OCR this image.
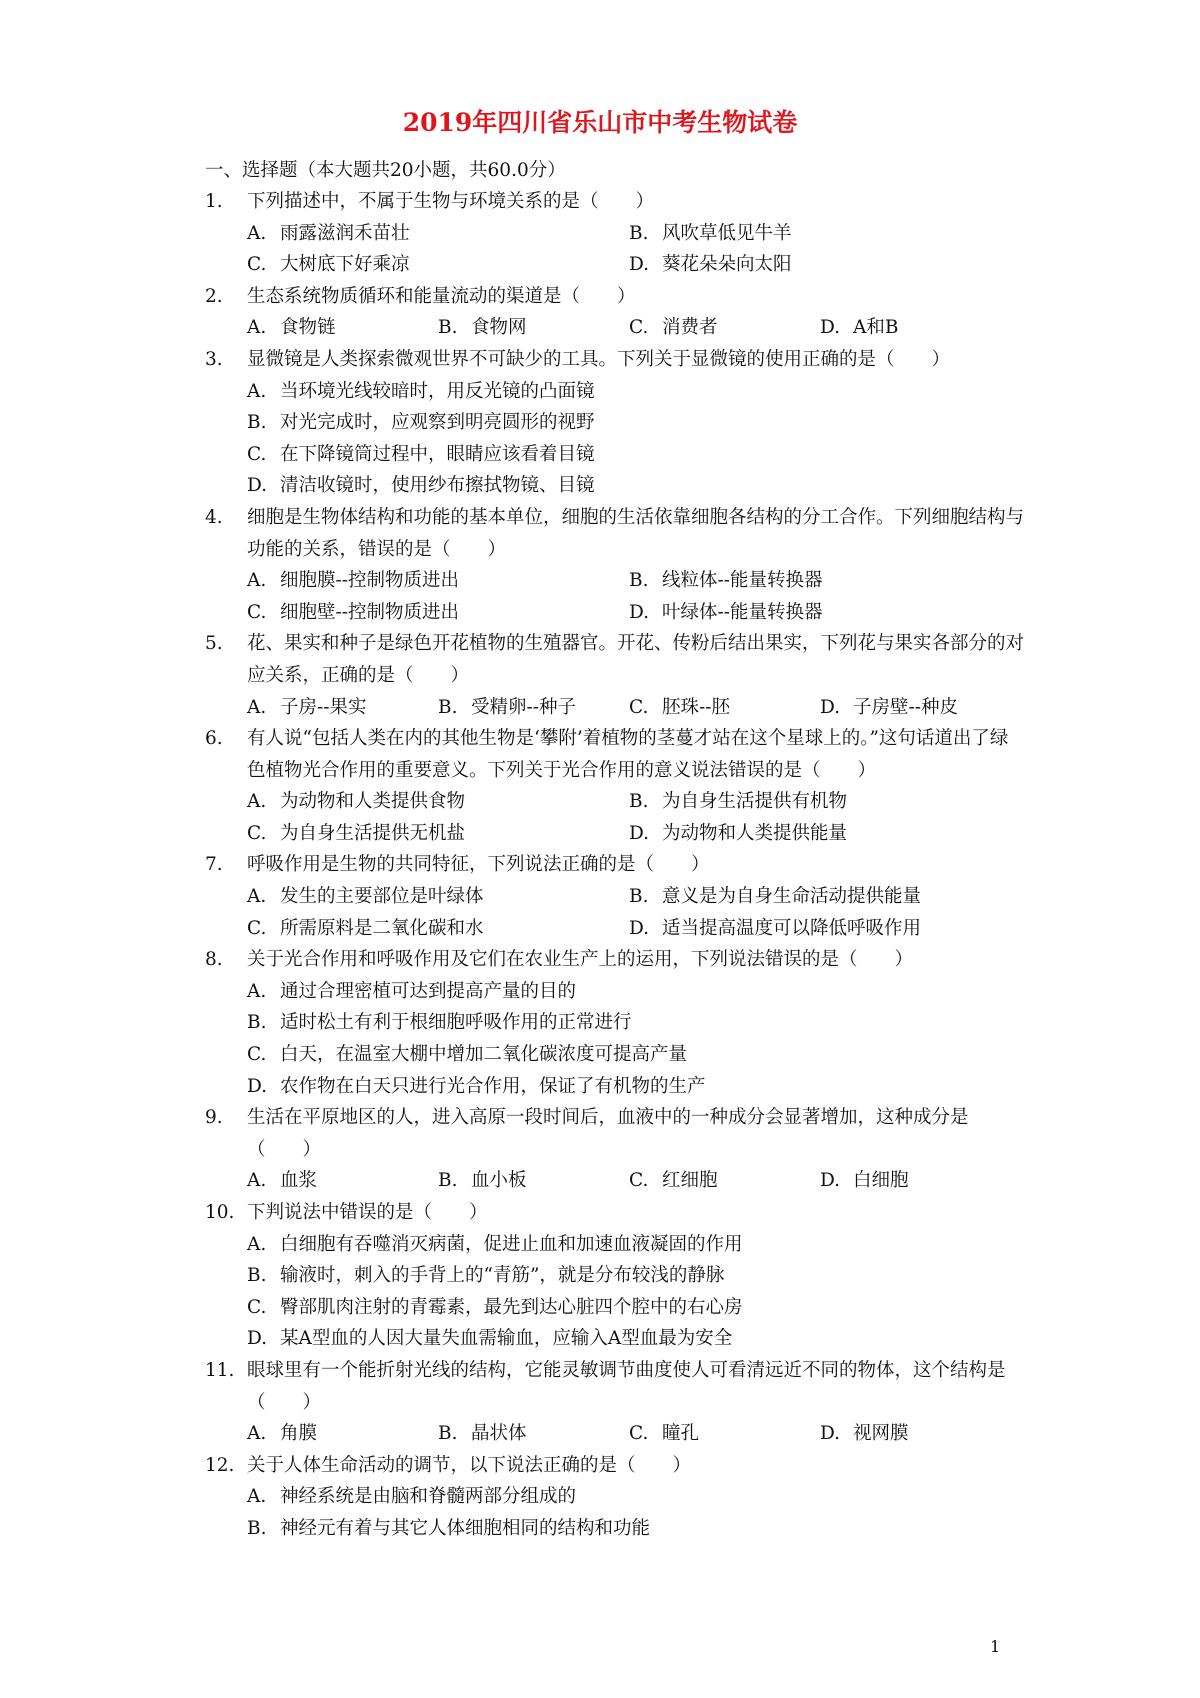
2019年四川省乐山市中考生物试卷
一、选择题（本大题共20小题，共60.0分）
1. 下列描述中，不属于生物与环境关系的是（　　）
A. 雨露滋润禾苗壮	B. 风吹草低见牛羊
C. 大树底下好乘凉	D. 葵花朵朵向太阳
2. 生态系统物质循环和能量流动的渠道是（　　）
A. 食物链	B. 食物网	C. 消费者	D. A和B
3. 显微镜是人类探索微观世界不可缺少的工具。下列关于显微镜的使用正确的是（　　）
A. 当环境光线较暗时，用反光镜的凸面镜
B. 对光完成时，应观察到明亮圆形的视野
C. 在下降镜筒过程中，眼睛应该看着目镜
D. 清洁收镜时，使用纱布擦拭物镜、目镜
4. 细胞是生物体结构和功能的基本单位，细胞的生活依靠细胞各结构的分工合作。下列细胞结构与功能的关系，错误的是（　　）
A. 细胞膜--控制物质进出	B. 线粒体--能量转换器
C. 细胞壁--控制物质进出	D. 叶绿体--能量转换器
5. 花、果实和种子是绿色开花植物的生殖器官。开花、传粉后结出果实，下列花与果实各部分的对应关系，正确的是（　　）
A. 子房--果实	B. 受精卵--种子	C. 胚珠--胚	D. 子房壁--种皮
6. 有人说“包括人类在内的其他生物是‘攀附’着植物的茎蔓才站在这个星球上的。”这句话道出了绿色植物光合作用的重要意义。下列关于光合作用的意义说法错误的是（　　）
A. 为动物和人类提供食物	B. 为自身生活提供有机物
C. 为自身生活提供无机盐	D. 为动物和人类提供能量
7. 呼吸作用是生物的共同特征，下列说法正确的是（　　）
A. 发生的主要部位是叶绿体	B. 意义是为自身生命活动提供能量
C. 所需原料是二氧化碳和水	D. 适当提高温度可以降低呼吸作用
8. 关于光合作用和呼吸作用及它们在农业生产上的运用，下列说法错误的是（　　）
A. 通过合理密植可达到提高产量的目的
B. 适时松土有利于根细胞呼吸作用的正常进行
C. 白天，在温室大棚中增加二氧化碳浓度可提高产量
D. 农作物在白天只进行光合作用，保证了有机物的生产
9. 生活在平原地区的人，进入高原一段时间后，血液中的一种成分会显著增加，这种成分是（　　）
A. 血浆	B. 血小板	C. 红细胞	D. 白细胞
10. 下判说法中错误的是（　　）
A. 白细胞有吞噬消灭病菌，促进止血和加速血液凝固的作用
B. 输液时，刺入的手背上的“青筋”，就是分布较浅的静脉
C. 臀部肌肉注射的青霉素，最先到达心脏四个腔中的右心房
D. 某A型血的人因大量失血需输血，应输入A型血最为安全
11. 眼球里有一个能折射光线的结构，它能灵敏调节曲度使人可看清远近不同的物体，这个结构是（　　）
A. 角膜	B. 晶状体	C. 瞳孔	D. 视网膜
12. 关于人体生命活动的调节，以下说法正确的是（　　）
A. 神经系统是由脑和脊髓两部分组成的
B. 神经元有着与其它人体细胞相同的结构和功能
1
